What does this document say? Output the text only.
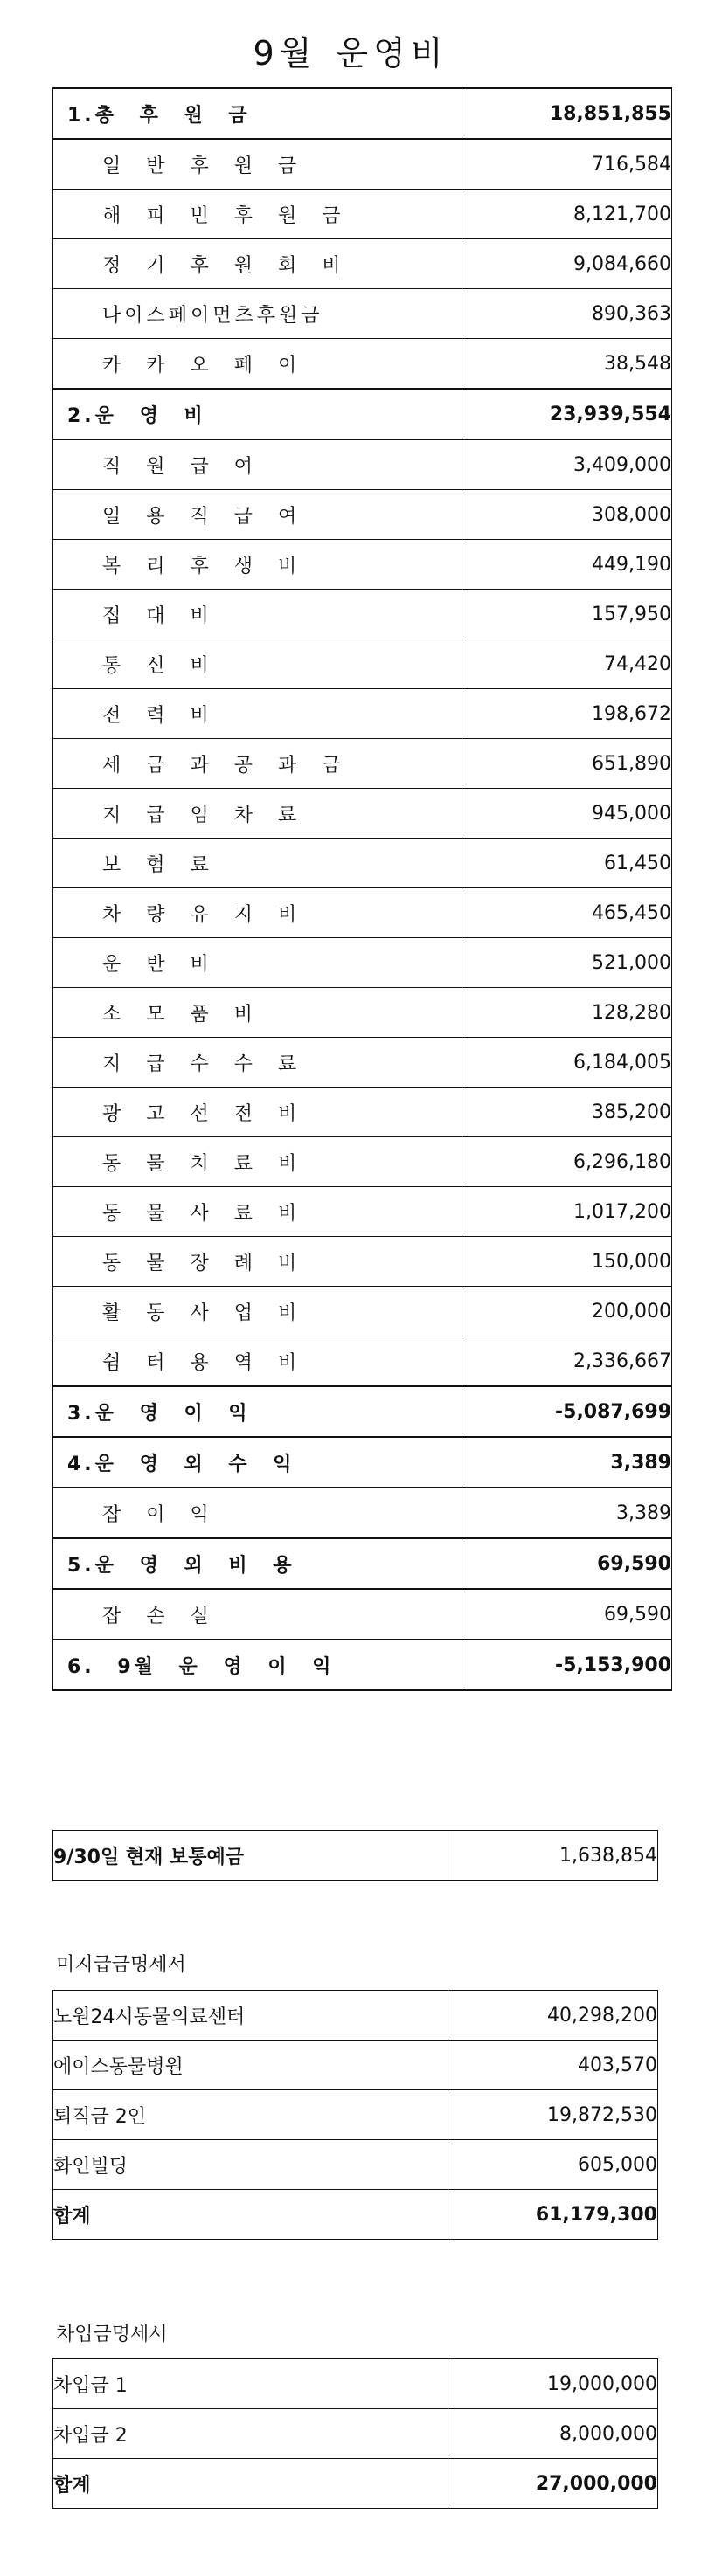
9월 운영비
1.총 후 원 금	18,851,855
일 반 후 원 금	716,584
해 피 빈 후 원 금	8,121,700
정 기 후 원 회 비	9,084,660
나이스페이먼츠후원금	890,363
카 카 오 페 이	38,548
2.운 영 비	23,939,554
직 원 급 여	3,409,000
일 용 직 급 여	308,000
복 리 후 생 비	449,190
접 대 비	157,950
통 신 비	74,420
전 력 비	198,672
세 금 과 공 과 금	651,890
지 급 임 차 료	945,000
보 험 료	61,450
차 량 유 지 비	465,450
운 반 비	521,000
소 모 품 비	128,280
지 급 수 수 료	6,184,005
광 고 선 전 비	385,200
동 물 치 료 비	6,296,180
동 물 사 료 비	1,017,200
동 물 장 례 비	150,000
활 동 사 업 비	200,000
쉼 터 용 역 비	2,336,667
3.운 영 이 익	-5,087,699
4.운 영 외 수 익	3,389
잡 이 익	3,389
5.운 영 외 비 용	69,590
잡 손 실	69,590
6. 9월 운 영 이 익	-5,153,900
9/30일 현재 보통예금	1,638,854
미지급금명세서
노원24시동물의료센터	40,298,200
에이스동물병원	403,570
퇴직금 2인	19,872,530
화인빌딩	605,000
합계	61,179,300
차입금명세서
차입금 1	19,000,000
차입금 2	8,000,000
합계	27,000,000
